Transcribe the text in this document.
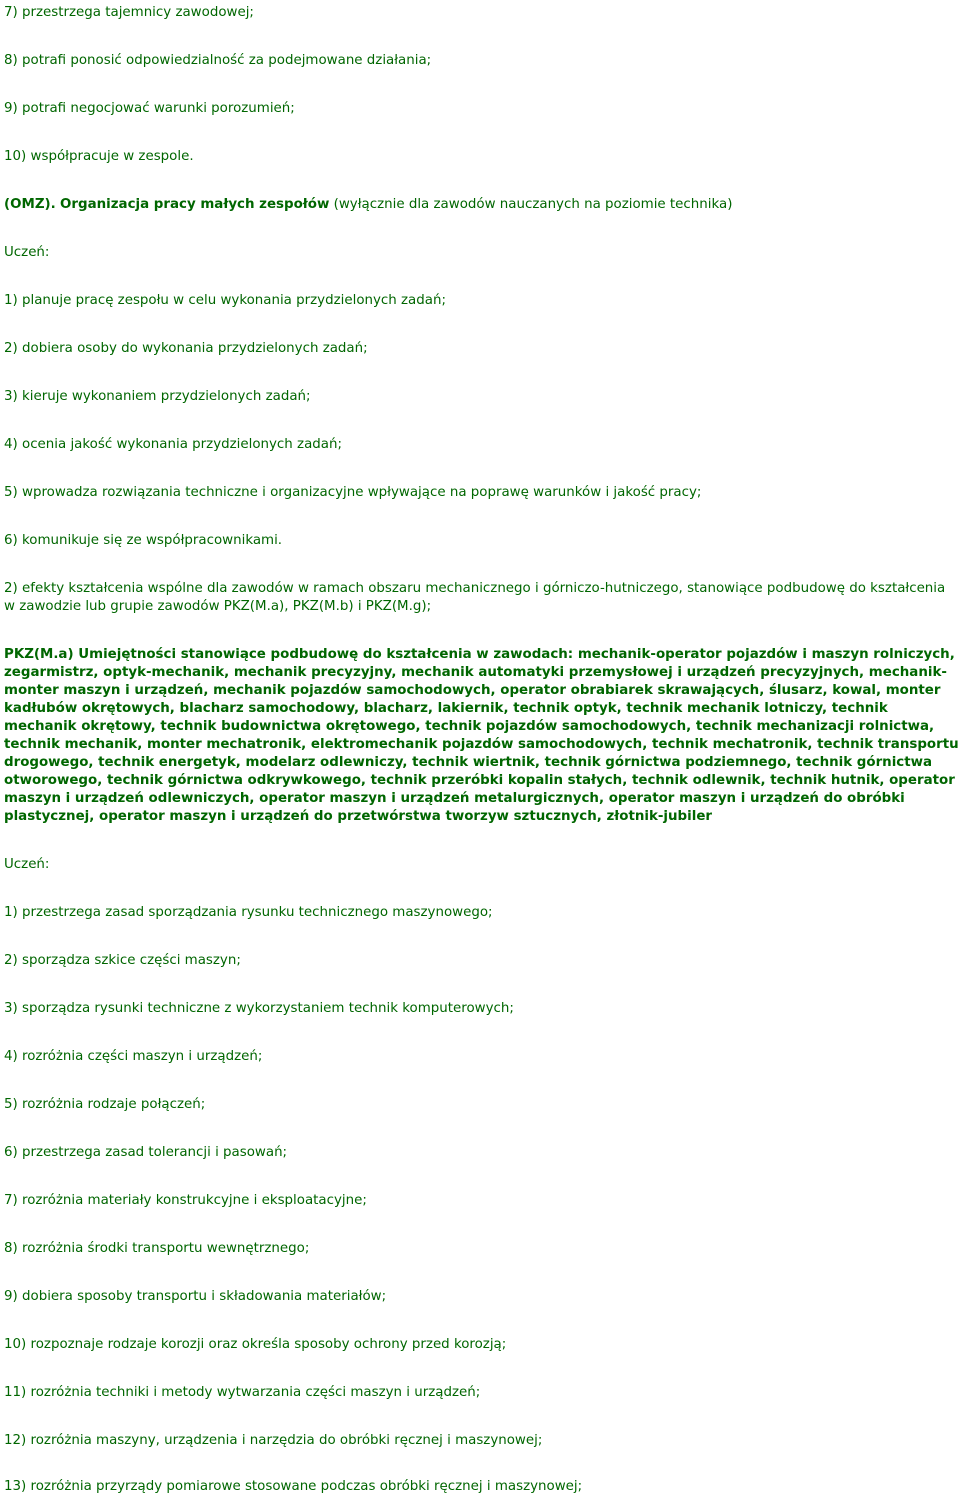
7) przestrzega tajemnicy zawodowej;

8) potrafi ponosić odpowiedzialność za podejmowane działania;

9) potrafi negocjować warunki porozumień;

10) współpracuje w zespole.

(OMZ). Organizacja pracy małych zespołów (wyłącznie dla zawodów nauczanych na poziomie technika)

Uczeń:

1) planuje pracę zespołu w celu wykonania przydzielonych zadań;

2) dobiera osoby do wykonania przydzielonych zadań;

3) kieruje wykonaniem przydzielonych zadań;

4) ocenia jakość wykonania przydzielonych zadań;

5) wprowadza rozwiązania techniczne i organizacyjne wpływające na poprawę warunków i jakość pracy;

6) komunikuje się ze współpracownikami.

2) efekty kształcenia wspólne dla zawodów w ramach obszaru mechanicznego i górniczo-hutniczego, stanowiące podbudowę do kształcenia w zawodzie lub grupie zawodów PKZ(M.a), PKZ(M.b) i PKZ(M.g);

PKZ(M.a) Umiejętności stanowiące podbudowę do kształcenia w zawodach: mechanik-operator pojazdów i maszyn rolniczych, zegarmistrz, optyk-mechanik, mechanik precyzyjny, mechanik automatyki przemysłowej i urządzeń precyzyjnych, mechanik-monter maszyn i urządzeń, mechanik pojazdów samochodowych, operator obrabiarek skrawających, ślusarz, kowal, monter kadłubów okrętowych, blacharz samochodowy, blacharz, lakiernik, technik optyk, technik mechanik lotniczy, technik mechanik okrętowy, technik budownictwa okrętowego, technik pojazdów samochodowych, technik mechanizacji rolnictwa, technik mechanik, monter mechatronik, elektromechanik pojazdów samochodowych, technik mechatronik, technik transportu drogowego, technik energetyk, modelarz odlewniczy, technik wiertnik, technik górnictwa podziemnego, technik górnictwa otworowego, technik górnictwa odkrywkowego, technik przeróbki kopalin stałych, technik odlewnik, technik hutnik, operator maszyn i urządzeń odlewniczych, operator maszyn i urządzeń metalurgicznych, operator maszyn i urządzeń do obróbki plastycznej, operator maszyn i urządzeń do przetwórstwa tworzyw sztucznych, złotnik-jubiler

Uczeń:

1) przestrzega zasad sporządzania rysunku technicznego maszynowego;

2) sporządza szkice części maszyn;

3) sporządza rysunki techniczne z wykorzystaniem technik komputerowych;

4) rozróżnia części maszyn i urządzeń;

5) rozróżnia rodzaje połączeń;

6) przestrzega zasad tolerancji i pasowań;

7) rozróżnia materiały konstrukcyjne i eksploatacyjne;

8) rozróżnia środki transportu wewnętrznego;

9) dobiera sposoby transportu i składowania materiałów;

10) rozpoznaje rodzaje korozji oraz określa sposoby ochrony przed korozją;

11) rozróżnia techniki i metody wytwarzania części maszyn i urządzeń;

12) rozróżnia maszyny, urządzenia i narzędzia do obróbki ręcznej i maszynowej;

13) rozróżnia przyrządy pomiarowe stosowane podczas obróbki ręcznej i maszynowej;
